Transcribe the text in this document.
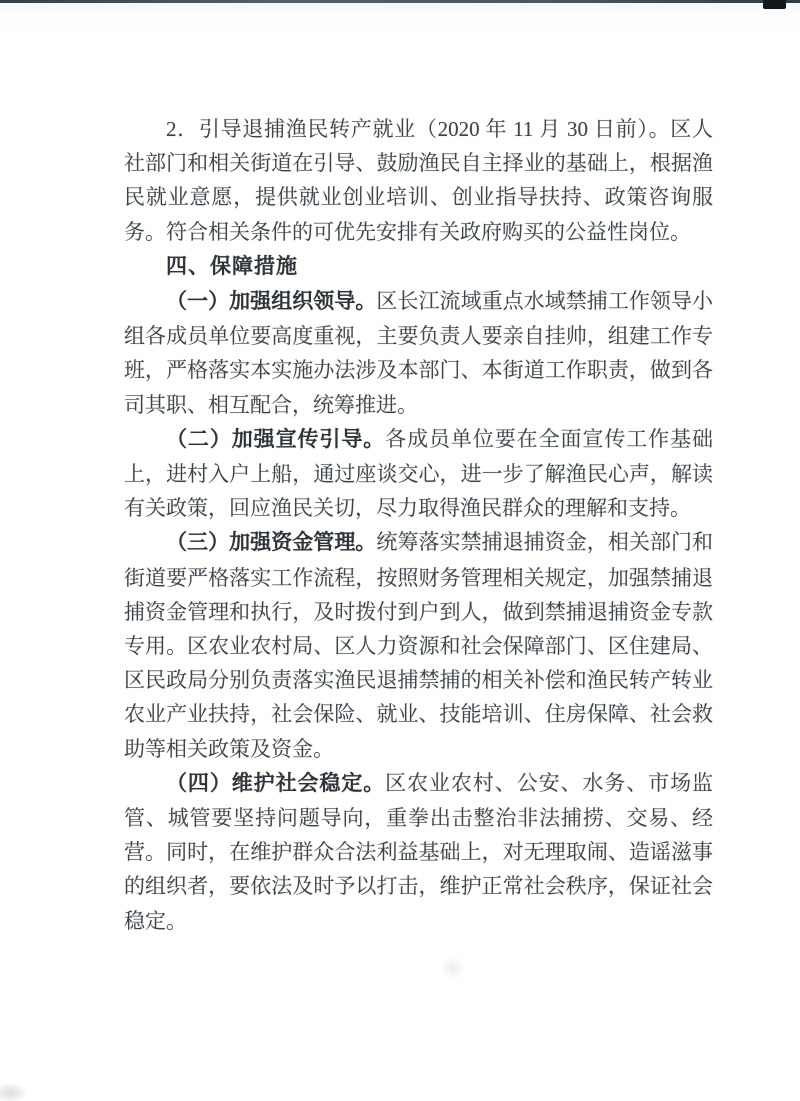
2．引导退捕渔民转产就业（2020 年 11 月 30 日前）。区人社部门和相关街道在引导、鼓励渔民自主择业的基础上，根据渔民就业意愿，提供就业创业培训、创业指导扶持、政策咨询服务。符合相关条件的可优先安排有关政府购买的公益性岗位。

四、保障措施

（一）加强组织领导。区长江流域重点水域禁捕工作领导小组各成员单位要高度重视，主要负责人要亲自挂帅，组建工作专班，严格落实本实施办法涉及本部门、本街道工作职责，做到各司其职、相互配合，统筹推进。

（二）加强宣传引导。各成员单位要在全面宣传工作基础上，进村入户上船，通过座谈交心，进一步了解渔民心声，解读有关政策，回应渔民关切，尽力取得渔民群众的理解和支持。

（三）加强资金管理。统筹落实禁捕退捕资金，相关部门和街道要严格落实工作流程，按照财务管理相关规定，加强禁捕退捕资金管理和执行，及时拨付到户到人，做到禁捕退捕资金专款专用。区农业农村局、区人力资源和社会保障部门、区住建局、区民政局分别负责落实渔民退捕禁捕的相关补偿和渔民转产转业农业产业扶持，社会保险、就业、技能培训、住房保障、社会救助等相关政策及资金。

（四）维护社会稳定。区农业农村、公安、水务、市场监管、城管要坚持问题导向，重拳出击整治非法捕捞、交易、经营。同时，在维护群众合法利益基础上，对无理取闹、造谣滋事的组织者，要依法及时予以打击，维护正常社会秩序，保证社会稳定。
